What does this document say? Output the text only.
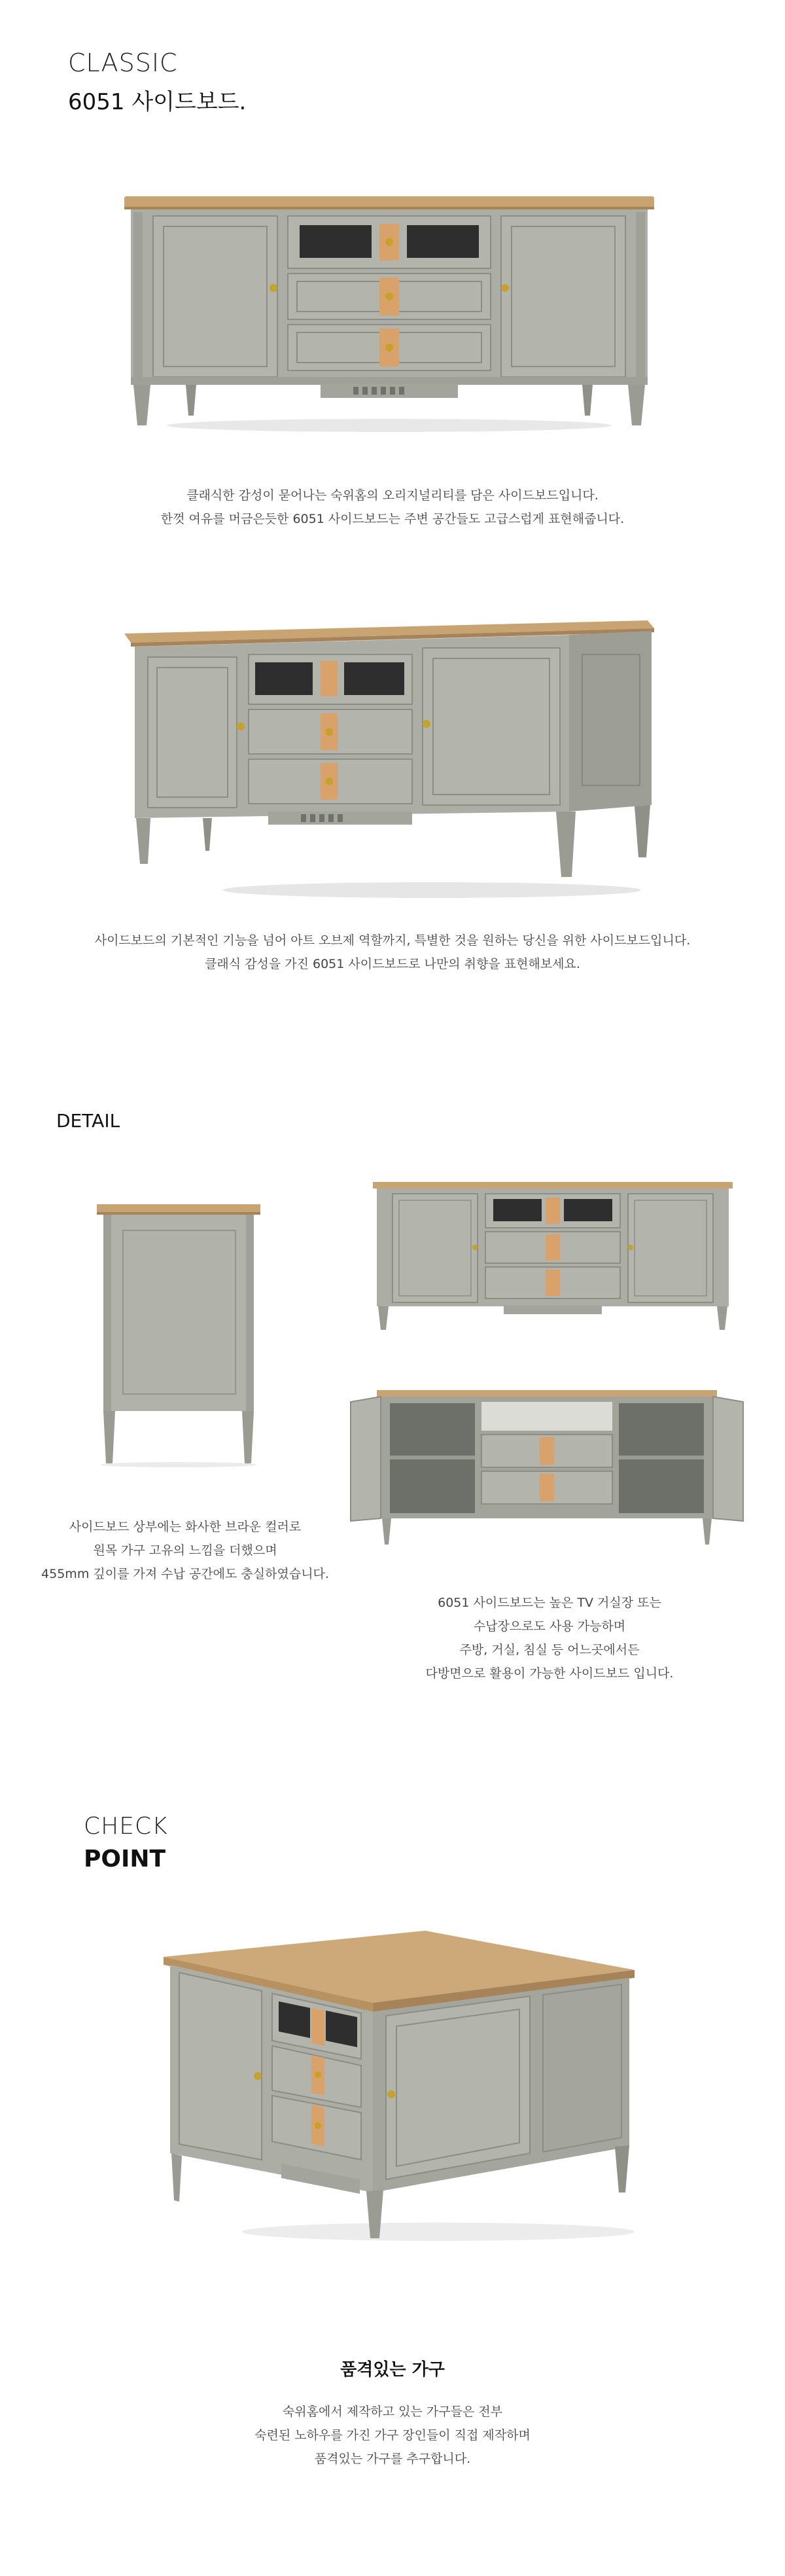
CLASSIC
6051 사이드보드.
클래식한 감성이 묻어나는 숙위홈의 오리지널리티를 담은 사이드보드입니다.
한껏 여유를 머금은듯한 6051 사이드보드는 주변 공간들도 고급스럽게 표현해줍니다.
사이드보드의 기본적인 기능을 넘어 아트 오브제 역할까지, 특별한 것을 원하는 당신을 위한 사이드보드입니다.
클래식 감성을 가진 6051 사이드보드로 나만의 취향을 표현해보세요.
DETAIL
사이드보드 상부에는 화사한 브라운 컬러로
원목 가구 고유의 느낌을 더했으며
455mm 깊이를 가져 수납 공간에도 충실하였습니다.
6051 사이드보드는 높은 TV 거실장 또는
수납장으로도 사용 가능하며
주방, 거실, 침실 등 어느곳에서든
다방면으로 활용이 가능한 사이드보드 입니다.
CHECK
POINT
품격있는 가구
숙위홈에서 제작하고 있는 가구들은 전부
숙련된 노하우를 가진 가구 장인들이 직접 제작하며
품격있는 가구를 추구합니다.
